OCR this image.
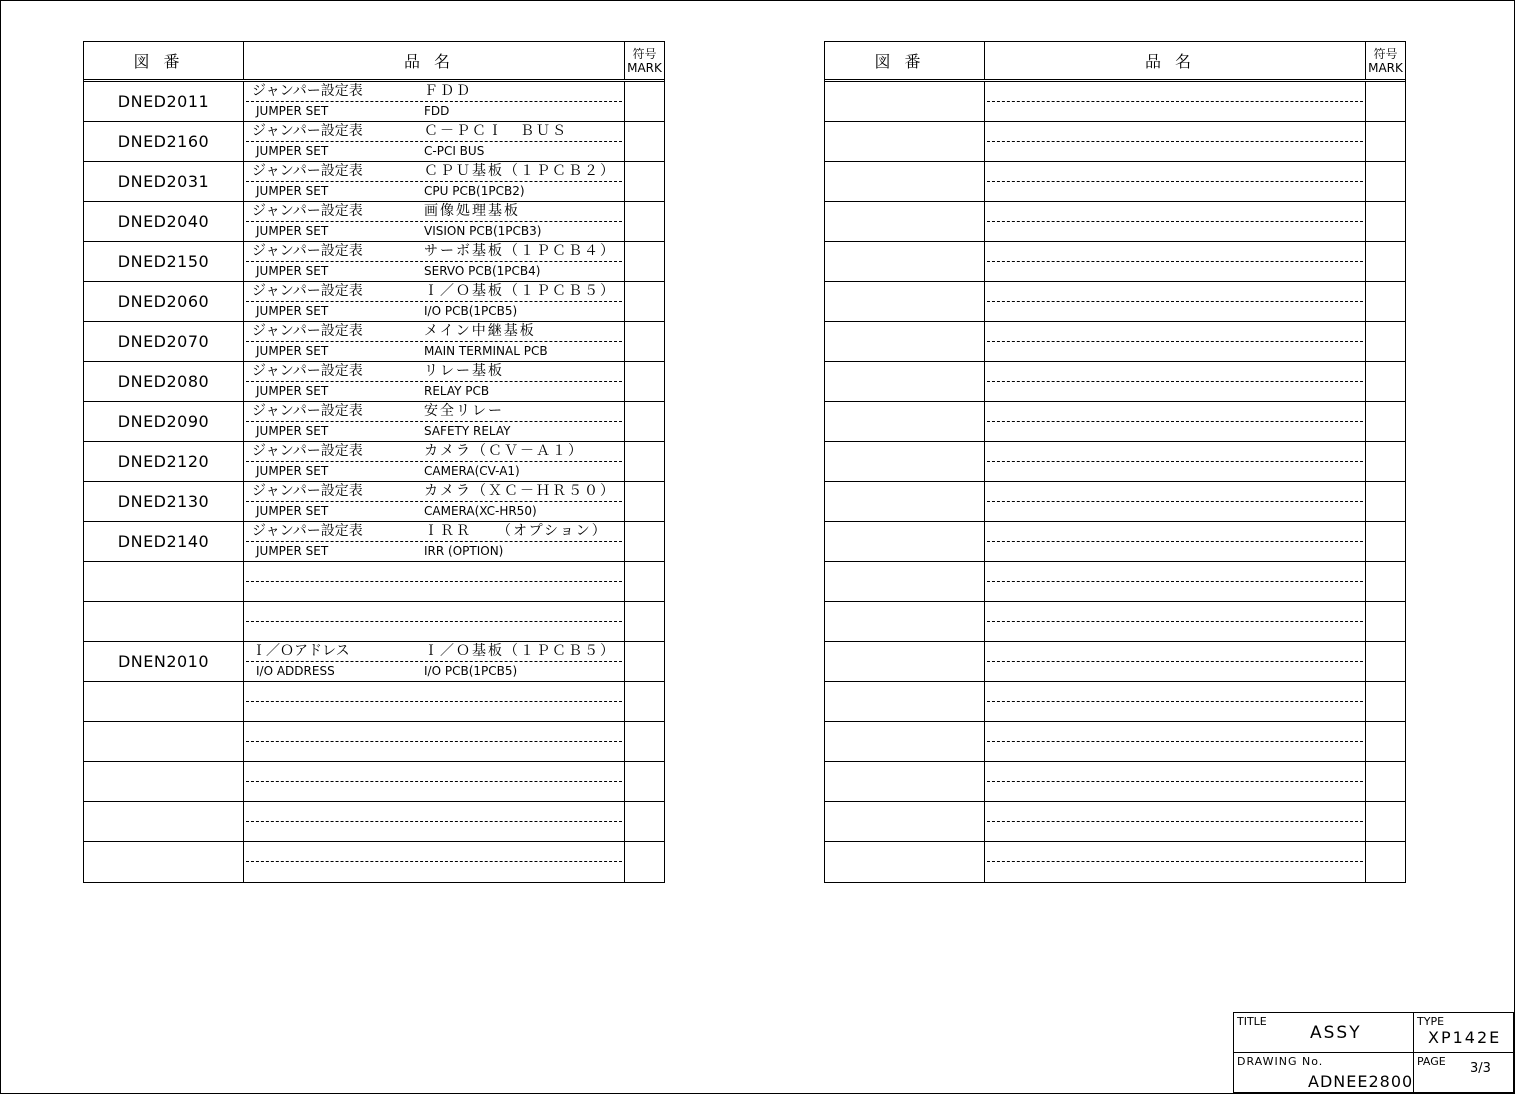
図番	品名	符号
MARK
DNED2011
ジャンパー設定表	ＦＤＤ
JUMPER SET	FDD
DNED2160
ジャンパー設定表	Ｃ－ＰＣＩ　ＢＵＳ
JUMPER SET	C-PCI BUS
DNED2031
ジャンパー設定表	ＣＰＵ基板（１ＰＣＢ２）
JUMPER SET	CPU PCB(1PCB2)
DNED2040
ジャンパー設定表	画像処理基板
JUMPER SET	VISION PCB(1PCB3)
DNED2150
ジャンパー設定表	サーボ基板（１ＰＣＢ４）
JUMPER SET	SERVO PCB(1PCB4)
DNED2060
ジャンパー設定表	Ｉ／Ｏ基板（１ＰＣＢ５）
JUMPER SET	I/O PCB(1PCB5)
DNED2070
ジャンパー設定表	メイン中継基板
JUMPER SET	MAIN TERMINAL PCB
DNED2080
ジャンパー設定表	リレー基板
JUMPER SET	RELAY PCB
DNED2090
ジャンパー設定表	安全リレー
JUMPER SET	SAFETY RELAY
DNED2120
ジャンパー設定表	カメラ（ＣＶ－Ａ１）
JUMPER SET	CAMERA(CV-A1)
DNED2130
ジャンパー設定表	カメラ（ＸＣ－ＨＲ５０）
JUMPER SET	CAMERA(XC-HR50)
DNED2140
ジャンパー設定表	ＩＲＲ　　（オプション）
JUMPER SET	IRR (OPTION)
DNEN2010
Ｉ／Ｏアドレス	Ｉ／Ｏ基板（１ＰＣＢ５）
I/O ADDRESS	I/O PCB(1PCB5)
図番	品名	符号
MARK
TITLE
ASSY
TYPE
XP142E
DRAWING No.
ADNEE2800
PAGE 3/3
